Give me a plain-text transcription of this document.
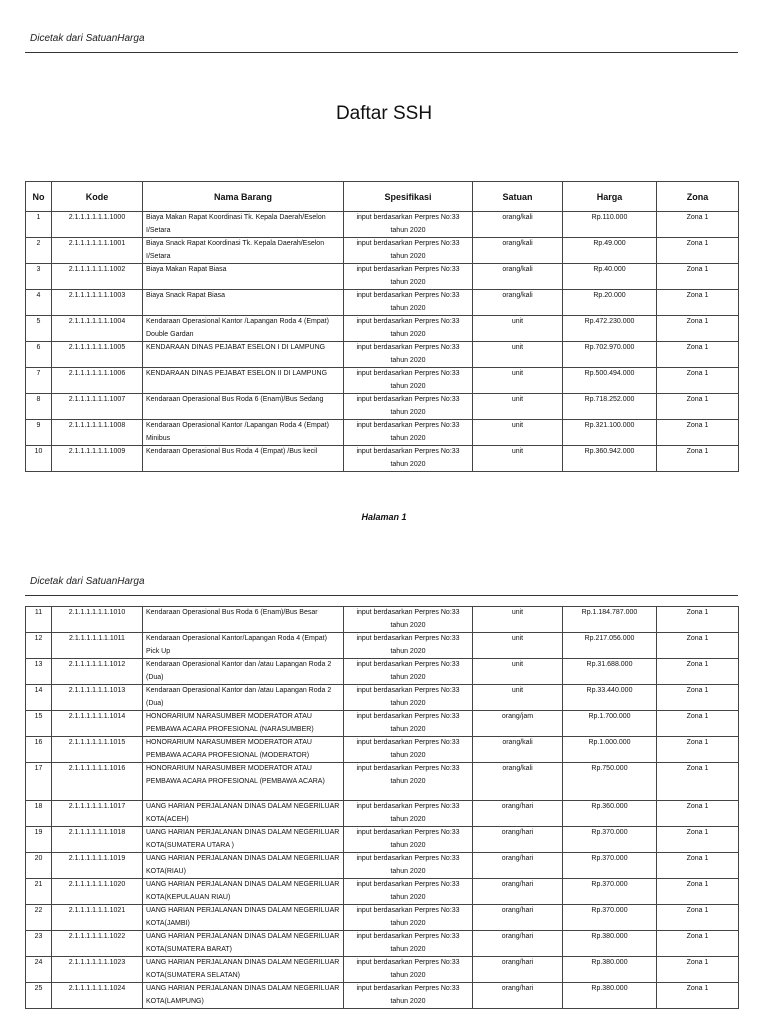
Dicetak dari SatuanHarga
Daftar SSH
No	Kode	Nama Barang	Spesifikasi	Satuan	Harga	Zona
1	2.1.1.1.1.1.1.1000	Biaya Makan Rapat Koordinasi Tk. Kepala Daerah/Eselon I/Setara	input berdasarkan Perpres No:33 tahun 2020	orang/kali	Rp.110.000	Zona 1
2	2.1.1.1.1.1.1.1001	Biaya Snack Rapat Koordinasi Tk. Kepala Daerah/Eselon I/Setara	input berdasarkan Perpres No:33 tahun 2020	orang/kali	Rp.49.000	Zona 1
3	2.1.1.1.1.1.1.1002	Biaya Makan Rapat Biasa	input berdasarkan Perpres No:33 tahun 2020	orang/kali	Rp.40.000	Zona 1
4	2.1.1.1.1.1.1.1003	Biaya Snack Rapat Biasa	input berdasarkan Perpres No:33 tahun 2020	orang/kali	Rp.20.000	Zona 1
5	2.1.1.1.1.1.1.1004	Kendaraan Operasional Kantor /Lapangan Roda 4 (Empat) Double Gardan	input berdasarkan Perpres No:33 tahun 2020	unit	Rp.472.230.000	Zona 1
6	2.1.1.1.1.1.1.1005	KENDARAAN DINAS PEJABAT ESELON I DI LAMPUNG	input berdasarkan Perpres No:33 tahun 2020	unit	Rp.702.970.000	Zona 1
7	2.1.1.1.1.1.1.1006	KENDARAAN DINAS PEJABAT ESELON II DI LAMPUNG	input berdasarkan Perpres No:33 tahun 2020	unit	Rp.500.494.000	Zona 1
8	2.1.1.1.1.1.1.1007	Kendaraan Operasional Bus Roda 6 (Enam)/Bus Sedang	input berdasarkan Perpres No:33 tahun 2020	unit	Rp.718.252.000	Zona 1
9	2.1.1.1.1.1.1.1008	Kendaraan Operasional Kantor /Lapangan Roda 4 (Empat) Minibus	input berdasarkan Perpres No:33 tahun 2020	unit	Rp.321.100.000	Zona 1
10	2.1.1.1.1.1.1.1009	Kendaraan Operasional Bus Roda 4 (Empat) /Bus kecil	input berdasarkan Perpres No:33 tahun 2020	unit	Rp.360.942.000	Zona 1
Halaman 1
Dicetak dari SatuanHarga
11	2.1.1.1.1.1.1.1010	Kendaraan Operasional Bus Roda 6 (Enam)/Bus Besar	input berdasarkan Perpres No:33 tahun 2020	unit	Rp.1.184.787.000	Zona 1
12	2.1.1.1.1.1.1.1011	Kendaraan Operasional Kantor/Lapangan Roda 4 (Empat) Pick Up	input berdasarkan Perpres No:33 tahun 2020	unit	Rp.217.056.000	Zona 1
13	2.1.1.1.1.1.1.1012	Kendaraan Operasional Kantor dan /atau Lapangan Roda 2 (Dua)	input berdasarkan Perpres No:33 tahun 2020	unit	Rp.31.688.000	Zona 1
14	2.1.1.1.1.1.1.1013	Kendaraan Operasional Kantor dan /atau Lapangan Roda 2 (Dua)	input berdasarkan Perpres No:33 tahun 2020	unit	Rp.33.440.000	Zona 1
15	2.1.1.1.1.1.1.1014	HONORARIUM NARASUMBER MODERATOR ATAU PEMBAWA ACARA PROFESIONAL (NARASUMBER)	input berdasarkan Perpres No:33 tahun 2020	orang/jam	Rp.1.700.000	Zona 1
16	2.1.1.1.1.1.1.1015	HONORARIUM NARASUMBER MODERATOR ATAU PEMBAWA ACARA PROFESIONAL (MODERATOR)	input berdasarkan Perpres No:33 tahun 2020	orang/kali	Rp.1.000.000	Zona 1
17	2.1.1.1.1.1.1.1016	HONORARIUM NARASUMBER MODERATOR ATAU PEMBAWA ACARA PROFESIONAL (PEMBAWA ACARA)	input berdasarkan Perpres No:33 tahun 2020	orang/kali	Rp.750.000	Zona 1
18	2.1.1.1.1.1.1.1017	UANG HARIAN PERJALANAN DINAS DALAM NEGERILUAR KOTA(ACEH)	input berdasarkan Perpres No:33 tahun 2020	orang/hari	Rp.360.000	Zona 1
19	2.1.1.1.1.1.1.1018	UANG HARIAN PERJALANAN DINAS DALAM NEGERILUAR KOTA(SUMATERA UTARA )	input berdasarkan Perpres No:33 tahun 2020	orang/hari	Rp.370.000	Zona 1
20	2.1.1.1.1.1.1.1019	UANG HARIAN PERJALANAN DINAS DALAM NEGERILUAR KOTA(RIAU)	input berdasarkan Perpres No:33 tahun 2020	orang/hari	Rp.370.000	Zona 1
21	2.1.1.1.1.1.1.1020	UANG HARIAN PERJALANAN DINAS DALAM NEGERILUAR KOTA(KEPULAUAN RIAU)	input berdasarkan Perpres No:33 tahun 2020	orang/hari	Rp.370.000	Zona 1
22	2.1.1.1.1.1.1.1021	UANG HARIAN PERJALANAN DINAS DALAM NEGERILUAR KOTA(JAMBI)	input berdasarkan Perpres No:33 tahun 2020	orang/hari	Rp.370.000	Zona 1
23	2.1.1.1.1.1.1.1022	UANG HARIAN PERJALANAN DINAS DALAM NEGERILUAR KOTA(SUMATERA BARAT)	input berdasarkan Perpres No:33 tahun 2020	orang/hari	Rp.380.000	Zona 1
24	2.1.1.1.1.1.1.1023	UANG HARIAN PERJALANAN DINAS DALAM NEGERILUAR KOTA(SUMATERA SELATAN)	input berdasarkan Perpres No:33 tahun 2020	orang/hari	Rp.380.000	Zona 1
25	2.1.1.1.1.1.1.1024	UANG HARIAN PERJALANAN DINAS DALAM NEGERILUAR KOTA(LAMPUNG)	input berdasarkan Perpres No:33 tahun 2020	orang/hari	Rp.380.000	Zona 1
